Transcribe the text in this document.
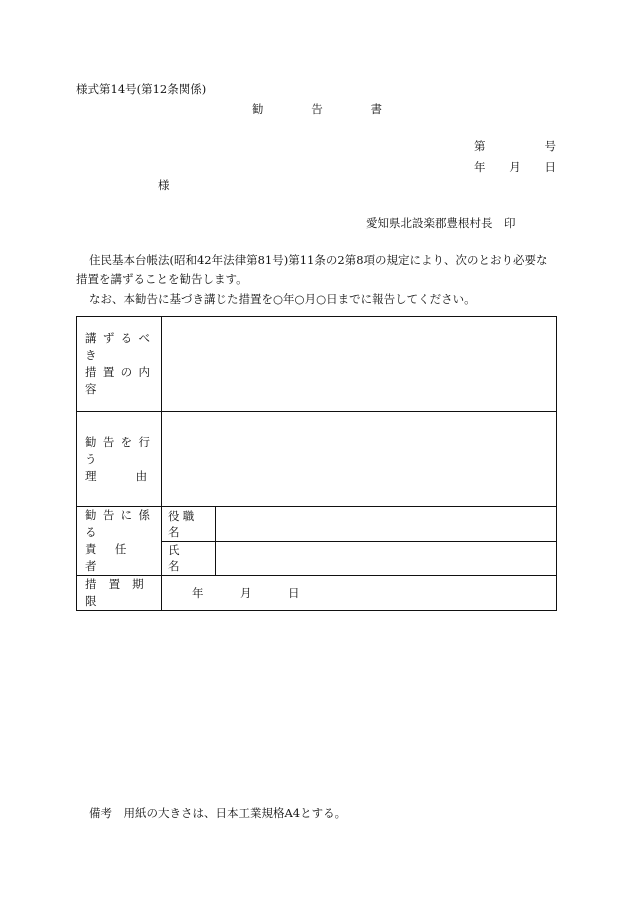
様式第14号(第12条関係)
勧	告	書
第	号
年 月 日
様
愛知県北設楽郡豊根村長　印
住民基本台帳法(昭和42年法律第81号)第11条の2第8項の規定により、次のとおり必要な
措置を講ずることを勧告します。
なお、本勧告に基づき講じた措置を○年○月○日までに報告してください。
講ずるべき
措置の内容		

勧告を行う
理由		

勧告に係る
責任者	役職名	
	氏名	

措置期限	年 月 日	
備考　用紙の大きさは、日本工業規格A4とする。
